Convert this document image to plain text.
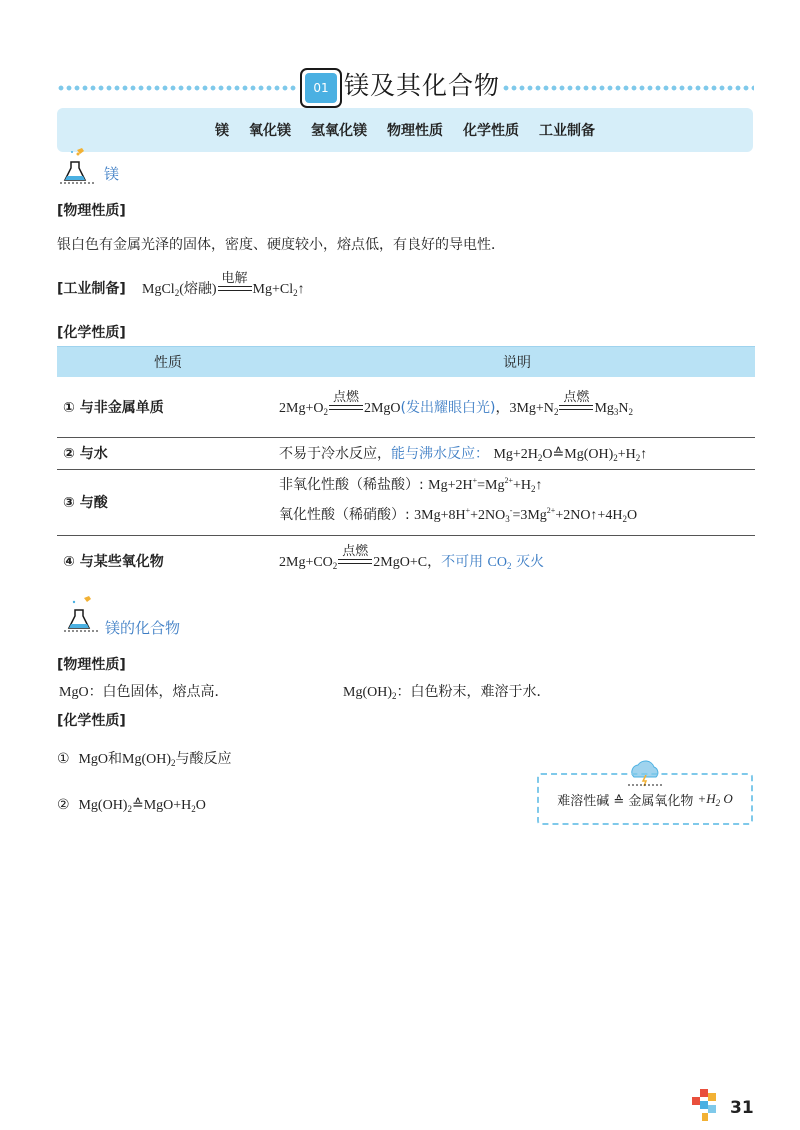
01 镁及其化合物
镁 氧化镁 氢氧化镁 物理性质 化学性质 工业制备
镁
[物理性质]
银白色有金属光泽的固体，密度、硬度较小，熔点低，有良好的导电性．
[工业制备] MgCl$_2$(熔融)
电解
$Mg+Cl_2↑$
[化学性质]
性质	说明
① 与非金属单质	$2Mg+O_2$
点燃
2MgO(发出耀眼白光)，$3Mg+N_2$
点燃
$Mg_3N_2$
② 与水	不易于冷水反应，能与沸水反应： $Mg+2H_2O≙Mg(OH)_2+H_2↑$
③ 与酸	非氧化性酸（稀盐酸）: $Mg+2H^+=Mg^{2+}+H_2↑$
氧化性酸（稀硝酸）: $3Mg+8H^++2NO_3^-=3Mg^{2+}+2NO↑+4H_2O$

④ 与某些氧化物	$2Mg+CO_2$
点燃
2MgO+C，不可用 $CO_2$ 灭火
镁的化合物
[物理性质]
MgO：白色固体，熔点高．	$Mg(OH)_2$：白色粉末，难溶于水．
[化学性质]
① MgO和$Mg(OH)_2$与酸反应
② $Mg(OH)_2≙MgO+H_2O$	难溶性碱 ≙ 金属氧化物
$+H_2$ O
31
